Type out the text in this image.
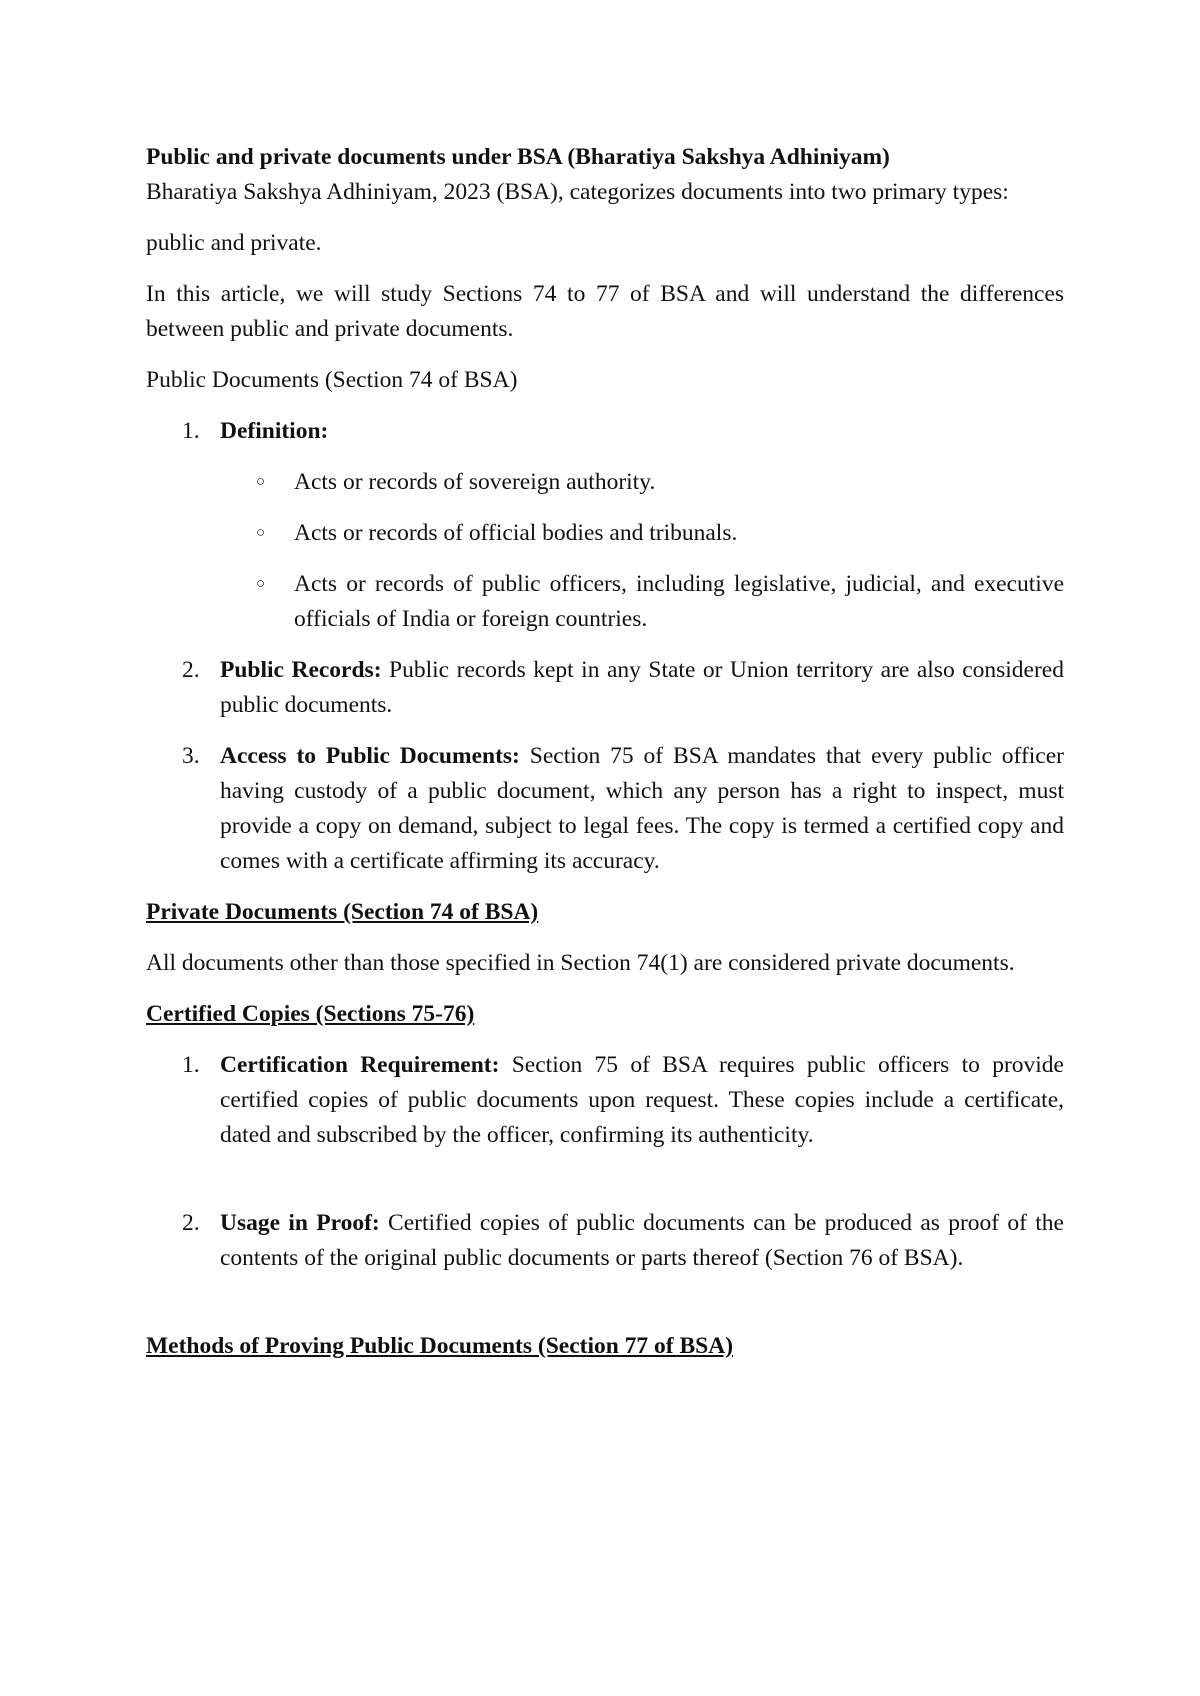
Public and private documents under BSA (Bharatiya Sakshya Adhiniyam)

Bharatiya Sakshya Adhiniyam, 2023 (BSA), categorizes documents into two primary types:

public and private.

In this article, we will study Sections 74 to 77 of BSA and will understand the differences between public and private documents.

Public Documents (Section 74 of BSA)

1. Definition:
○ Acts or records of sovereign authority.
○ Acts or records of official bodies and tribunals.
○ Acts or records of public officers, including legislative, judicial, and executive officials of India or foreign countries.
2. Public Records: Public records kept in any State or Union territory are also considered public documents.
3. Access to Public Documents: Section 75 of BSA mandates that every public officer having custody of a public document, which any person has a right to inspect, must provide a copy on demand, subject to legal fees. The copy is termed a certified copy and comes with a certificate affirming its accuracy.

Private Documents (Section 74 of BSA)

All documents other than those specified in Section 74(1) are considered private documents.

Certified Copies (Sections 75-76)

1. Certification Requirement: Section 75 of BSA requires public officers to provide certified copies of public documents upon request. These copies include a certificate, dated and subscribed by the officer, confirming its authenticity.
2. Usage in Proof: Certified copies of public documents can be produced as proof of the contents of the original public documents or parts thereof (Section 76 of BSA).

Methods of Proving Public Documents (Section 77 of BSA)
